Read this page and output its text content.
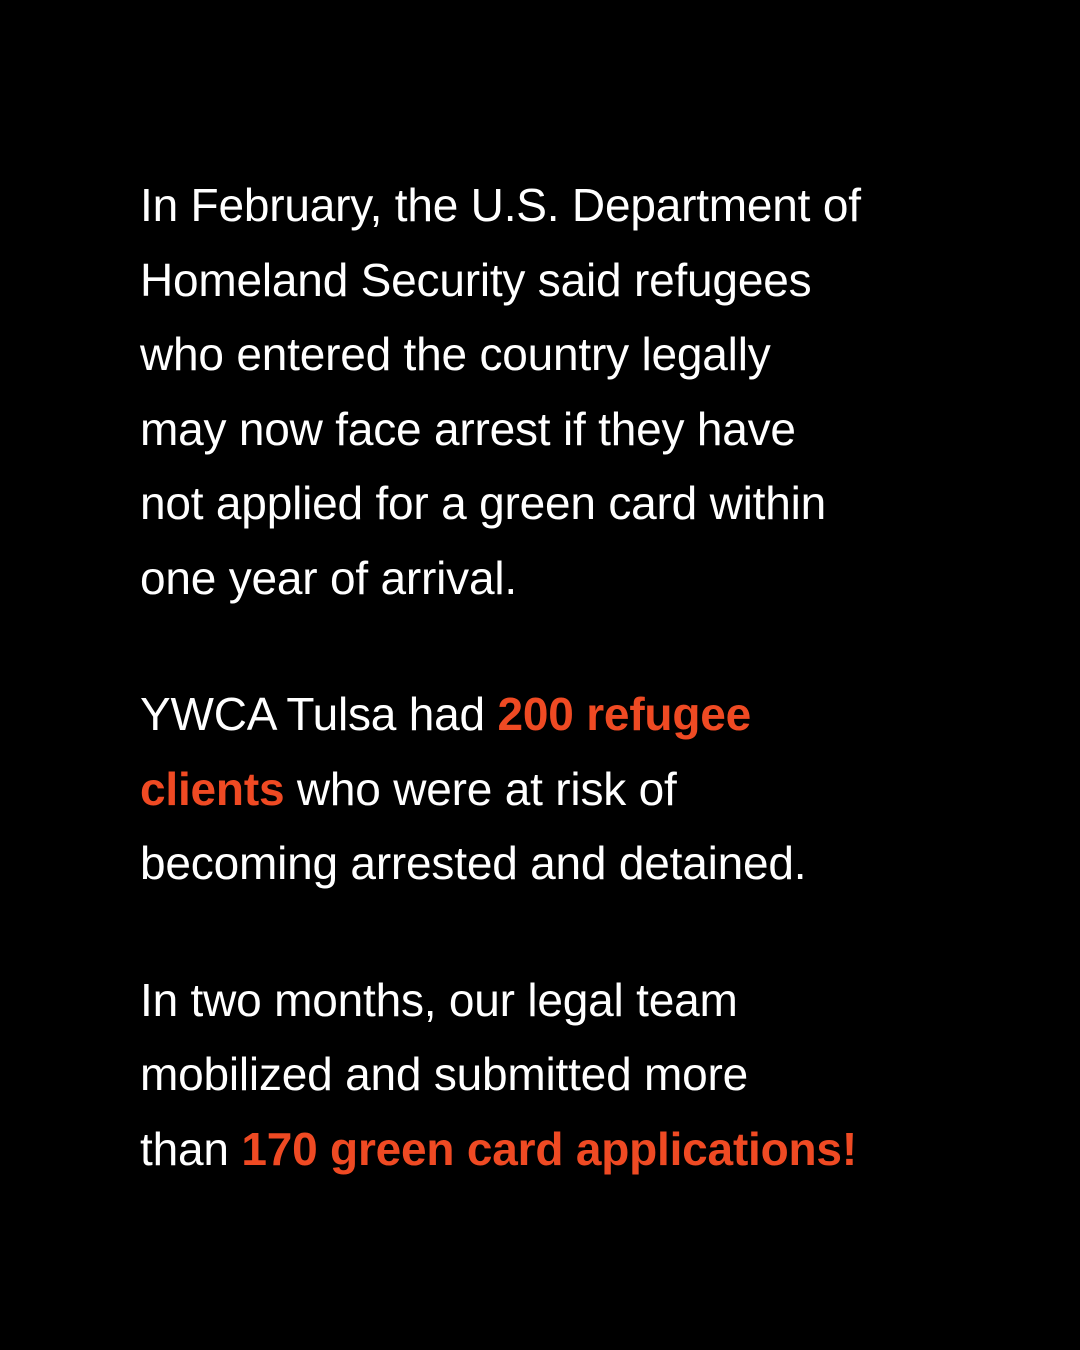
In February, the U.S. Department of
Homeland Security said refugees
who entered the country legally
may now face arrest if they have
not applied for a green card within
one year of arrival.

YWCA Tulsa had 200 refugee
clients who were at risk of
becoming arrested and detained.

In two months, our legal team
mobilized and submitted more
than 170 green card applications!
